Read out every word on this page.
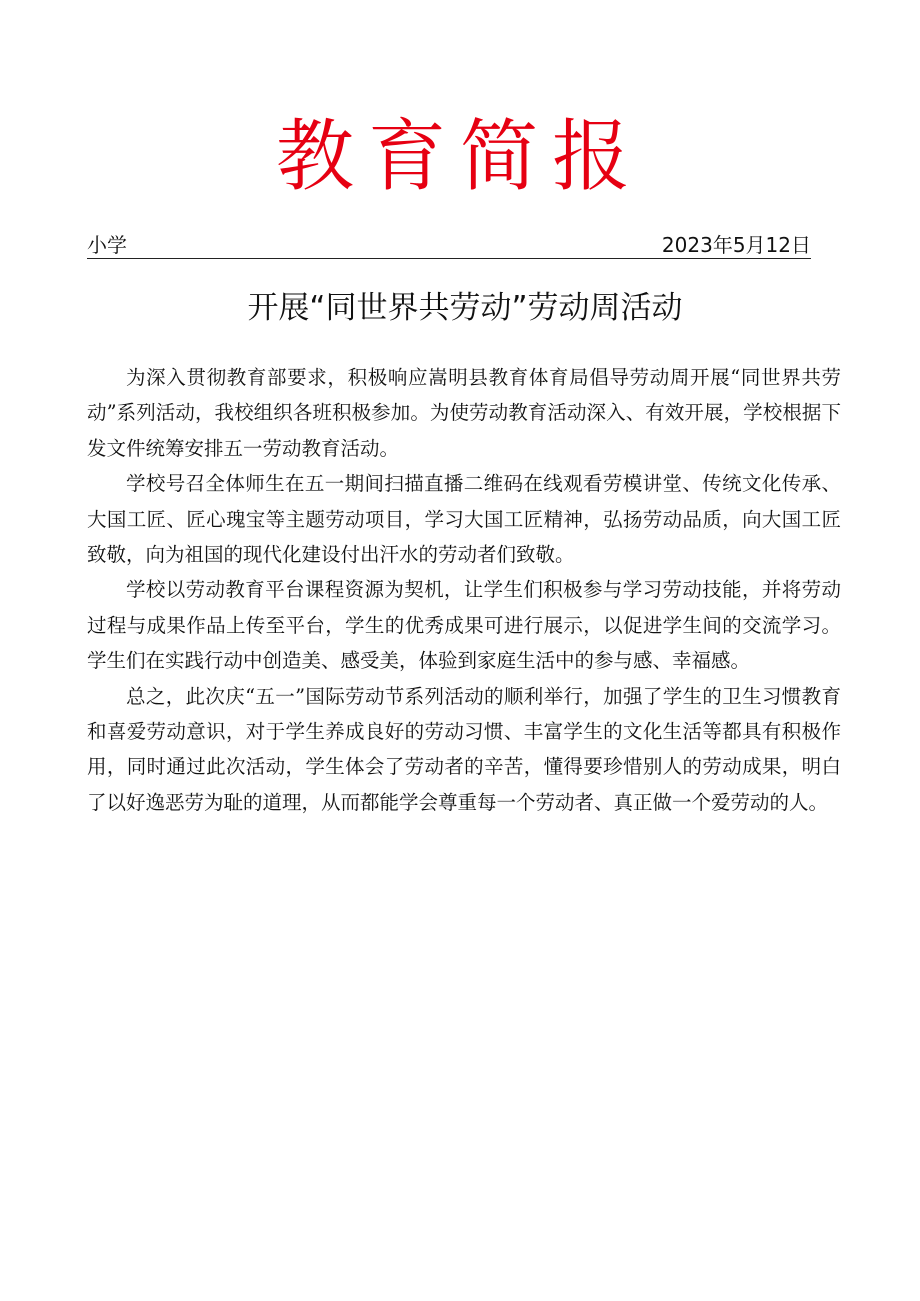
教育简报
小学	2023年5月12日
开展“同世界共劳动”劳动周活动

为深入贯彻教育部要求，积极响应嵩明县教育体育局倡导劳动周开展“同世界共劳动”系列活动，我校组织各班积极参加。为使劳动教育活动深入、有效开展，学校根据下发文件统筹安排五一劳动教育活动。

学校号召全体师生在五一期间扫描直播二维码在线观看劳模讲堂、传统文化传承、大国工匠、匠心瑰宝等主题劳动项目，学习大国工匠精神，弘扬劳动品质，向大国工匠致敬，向为祖国的现代化建设付出汗水的劳动者们致敬。

学校以劳动教育平台课程资源为契机，让学生们积极参与学习劳动技能，并将劳动过程与成果作品上传至平台，学生的优秀成果可进行展示，以促进学生间的交流学习。学生们在实践行动中创造美、感受美，体验到家庭生活中的参与感、幸福感。

总之，此次庆“五一”国际劳动节系列活动的顺利举行，加强了学生的卫生习惯教育和喜爱劳动意识，对于学生养成良好的劳动习惯、丰富学生的文化生活等都具有积极作用，同时通过此次活动，学生体会了劳动者的辛苦，懂得要珍惜别人的劳动成果，明白了以好逸恶劳为耻的道理，从而都能学会尊重每一个劳动者、真正做一个爱劳动的人。
